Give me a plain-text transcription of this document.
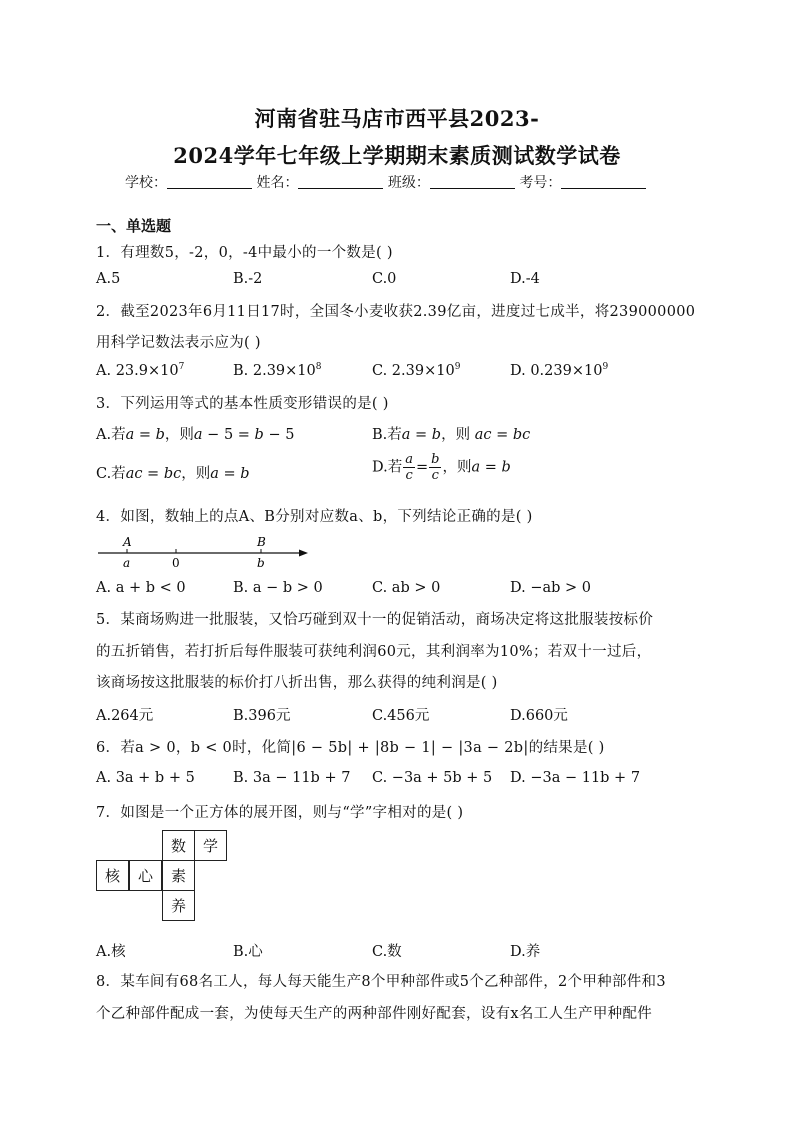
河南省驻马店市西平县2023-
2024学年七年级上学期期末素质测试数学试卷
学校：	姓名：	班级：	考号：
一、单选题
1．有理数5，-2，0，-4中最小的一个数是( )
A.5	B.-2	C.0	D.-4
2．截至2023年6月11日17时，全国冬小麦收获2.39亿亩，进度过七成半，将239000000
用科学记数法表示应为( )
A. $23.9\times 10^7$	B. $2.39\times 10^8$	C. $2.39\times 10^9$	D. $0.239\times 10^9$
3．下列运用等式的基本性质变形错误的是( )
A.若a = b，则a − 5 = b − 5	B.若a = b，则 ac = bc
C.若ac = bc，则a = b	D.若 $\frac{a}{c} = \frac{b}{c}$ ，则a = b
4．如图，数轴上的点A、B分别对应数a、b，下列结论正确的是( )
A
a	0
B
b
A. a + b < 0	B. a − b > 0	C. ab > 0	D. −ab > 0
5．某商场购进一批服装，又恰巧碰到双十一的促销活动，商场决定将这批服装按标价
的五折销售，若打折后每件服装可获纯利润60元，其利润率为10%；若双十一过后，
该商场按这批服装的标价打八折出售，那么获得的纯利润是( )
A.264元	B.396元	C.456元	D.660元
6．若a > 0，b < 0时，化简|6 − 5b| + |8b − 1| − |3a − 2b|的结果是( )
A. 3a + b + 5	B. 3a − 11b + 7 C. −3a + 5b + 5 D. −3a − 11b + 7
7．如图是一个正方体的展开图，则与“学”字相对的是( )
数	学
核	心	素
养
A.核	B.心	C.数	D.养
8．某车间有68名工人，每人每天能生产8个甲种部件或5个乙种部件，2个甲种部件和3
个乙种部件配成一套，为使每天生产的两种部件刚好配套，设有x名工人生产甲种配件
